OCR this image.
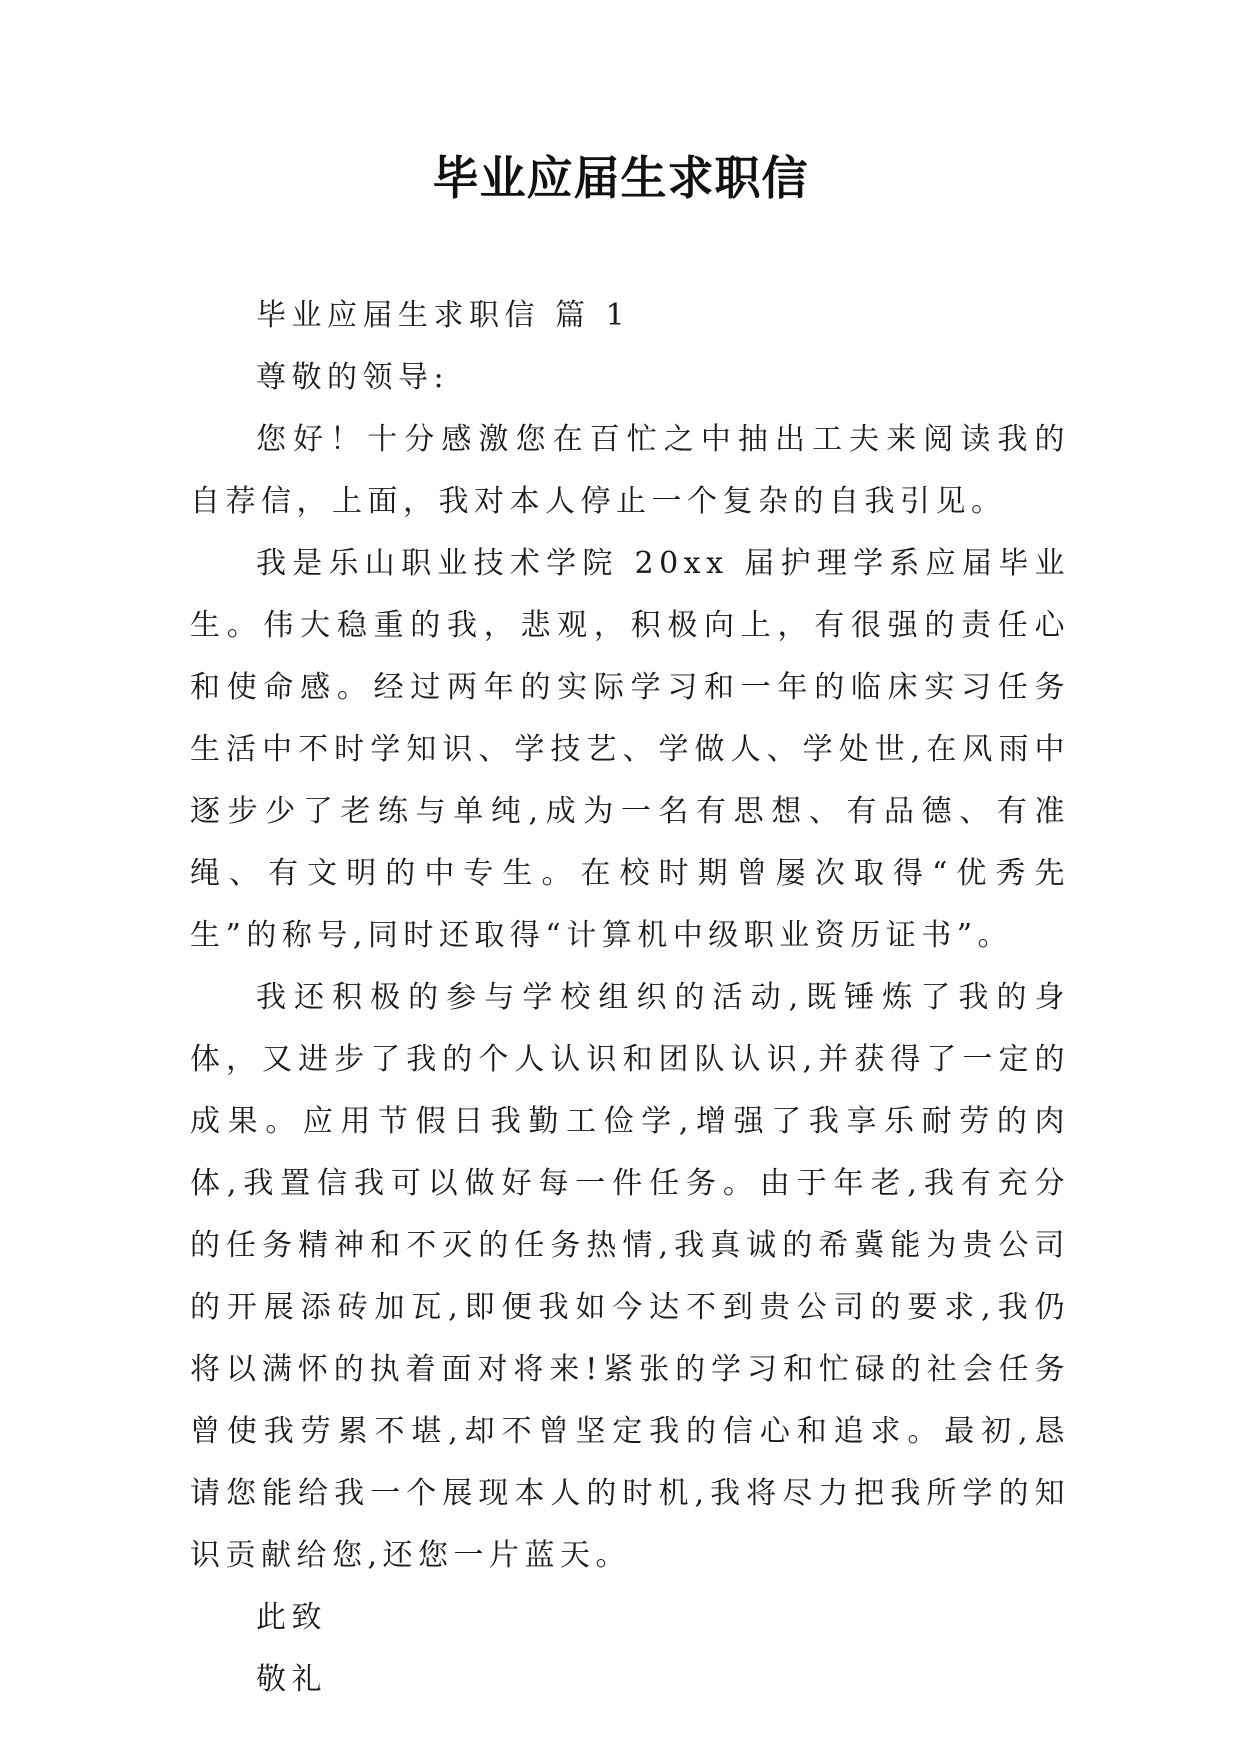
毕业应届生求职信

毕业应届生求职信 篇 1

尊敬的领导:

您好！十分感激您在百忙之中抽出工夫来阅读我的自荐信，上面，我对本人停止一个复杂的自我引见。

我是乐山职业技术学院 20xx 届护理学系应届毕业生。伟大稳重的我，悲观，积极向上，有很强的责任心和使命感。经过两年的实际学习和一年的临床实习任务生活中不时学知识、学技艺、学做人、学处世,在风雨中逐步少了老练与单纯,成为一名有思想、有品德、有准绳、有文明的中专生。在校时期曾屡次取得“优秀先生”的称号,同时还取得“计算机中级职业资历证书”。

我还积极的参与学校组织的活动,既锤炼了我的身体，又进步了我的个人认识和团队认识,并获得了一定的成果。应用节假日我勤工俭学,增强了我享乐耐劳的肉体,我置信我可以做好每一件任务。由于年老,我有充分的任务精神和不灭的任务热情,我真诚的希冀能为贵公司的开展添砖加瓦,即便我如今达不到贵公司的要求,我仍将以满怀的执着面对将来!紧张的学习和忙碌的社会任务曾使我劳累不堪,却不曾坚定我的信心和追求。最初,恳请您能给我一个展现本人的时机,我将尽力把我所学的知识贡献给您,还您一片蓝天。

此致

敬礼
